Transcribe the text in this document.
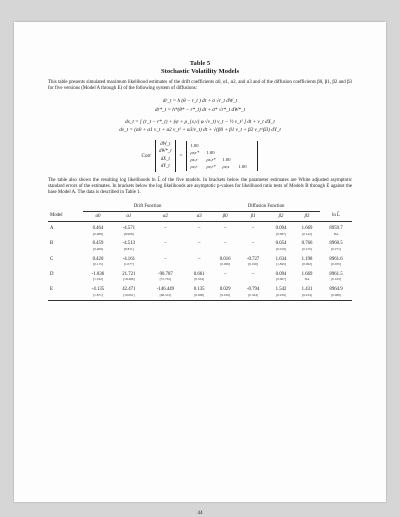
Table 5
Stochastic Volatility Models

This table presents simulated maximum likelihood estimates of the drift coefficients α0, α1, α2, and α3 and of the diffusion coefficients β0, β1, β2 and β3 for five versions (Model A through E) of the following system of diffusions:

dr_t = h (θ − r_t ) dt + σ √r_t dW_t
dr*_t = h*(θ* − r*_t) dt + σ* √r*_t dW*_t
ds_t = [ (r_t − r*_t) + (ψ + ρ_{s,v} φ √v_t) v_t − ½ v_t² ] dt + v_t dX_t
dv_t = (α0 + α1 v_t + α2 v_t² + α3/v_t) dt + √(β0 + β1 v_t + β2 v_t^β3) dY_t
Corr
dW_t
dW*_t
dX_t
dY_t
=
1.00
ρr,r*	1.00
ρs,r	ρs,r*	1.00
ρv,r	ρv,r*	ρv,s	1.00

The table also shows the resulting log likelihoods ln L̂ of the five models. In brackets below the parameter estimates are White adjusted asymptotic standard errors of the estimates. In brackets below the log likelihoods are asymptotic p-values for likelihood ratio tests of Models B through E against the base Model A. The data is described in Table 1.

	Drift Function				Diffusion Function				
Model	α0	α1	α2	α3	β0	β1	β2	β3	ln L̂
A	0.464	-4.571	–	–	–	–	0.094	1.669	8959.7
	[0.489]	[8.908]					[0.067]	[0.122]	NA
B	0.459	-4.513	–	–	–	–	0.054	0.766	8960.5
	[0.469]	[8.811]					[0.019]	[0.155]	[0.271]
C	0.420	-4.161	–	–	0.016	-0.727	1.634	1.198	8961.6
	[0.115]	[1.077]			[0.009]	[0.190]	[1.845]	[0.092]	[0.035]
D	-1.836	21.721	-90.787	0.661	–	–	0.094	1.669	8961.5
	[1.192]	[18.486]	[57.761]	[0.334]			[0.067]	NA	[0.163]
E	-4.135	42.471	-146.449	0.135	0.029	-0.794	1.542	1.431	8964.9
	[1.871]	[19.061]	[66.312]	[0.068]	[0.016]	[0.324]	[0.256]	[0.914]	[0.060]
44
